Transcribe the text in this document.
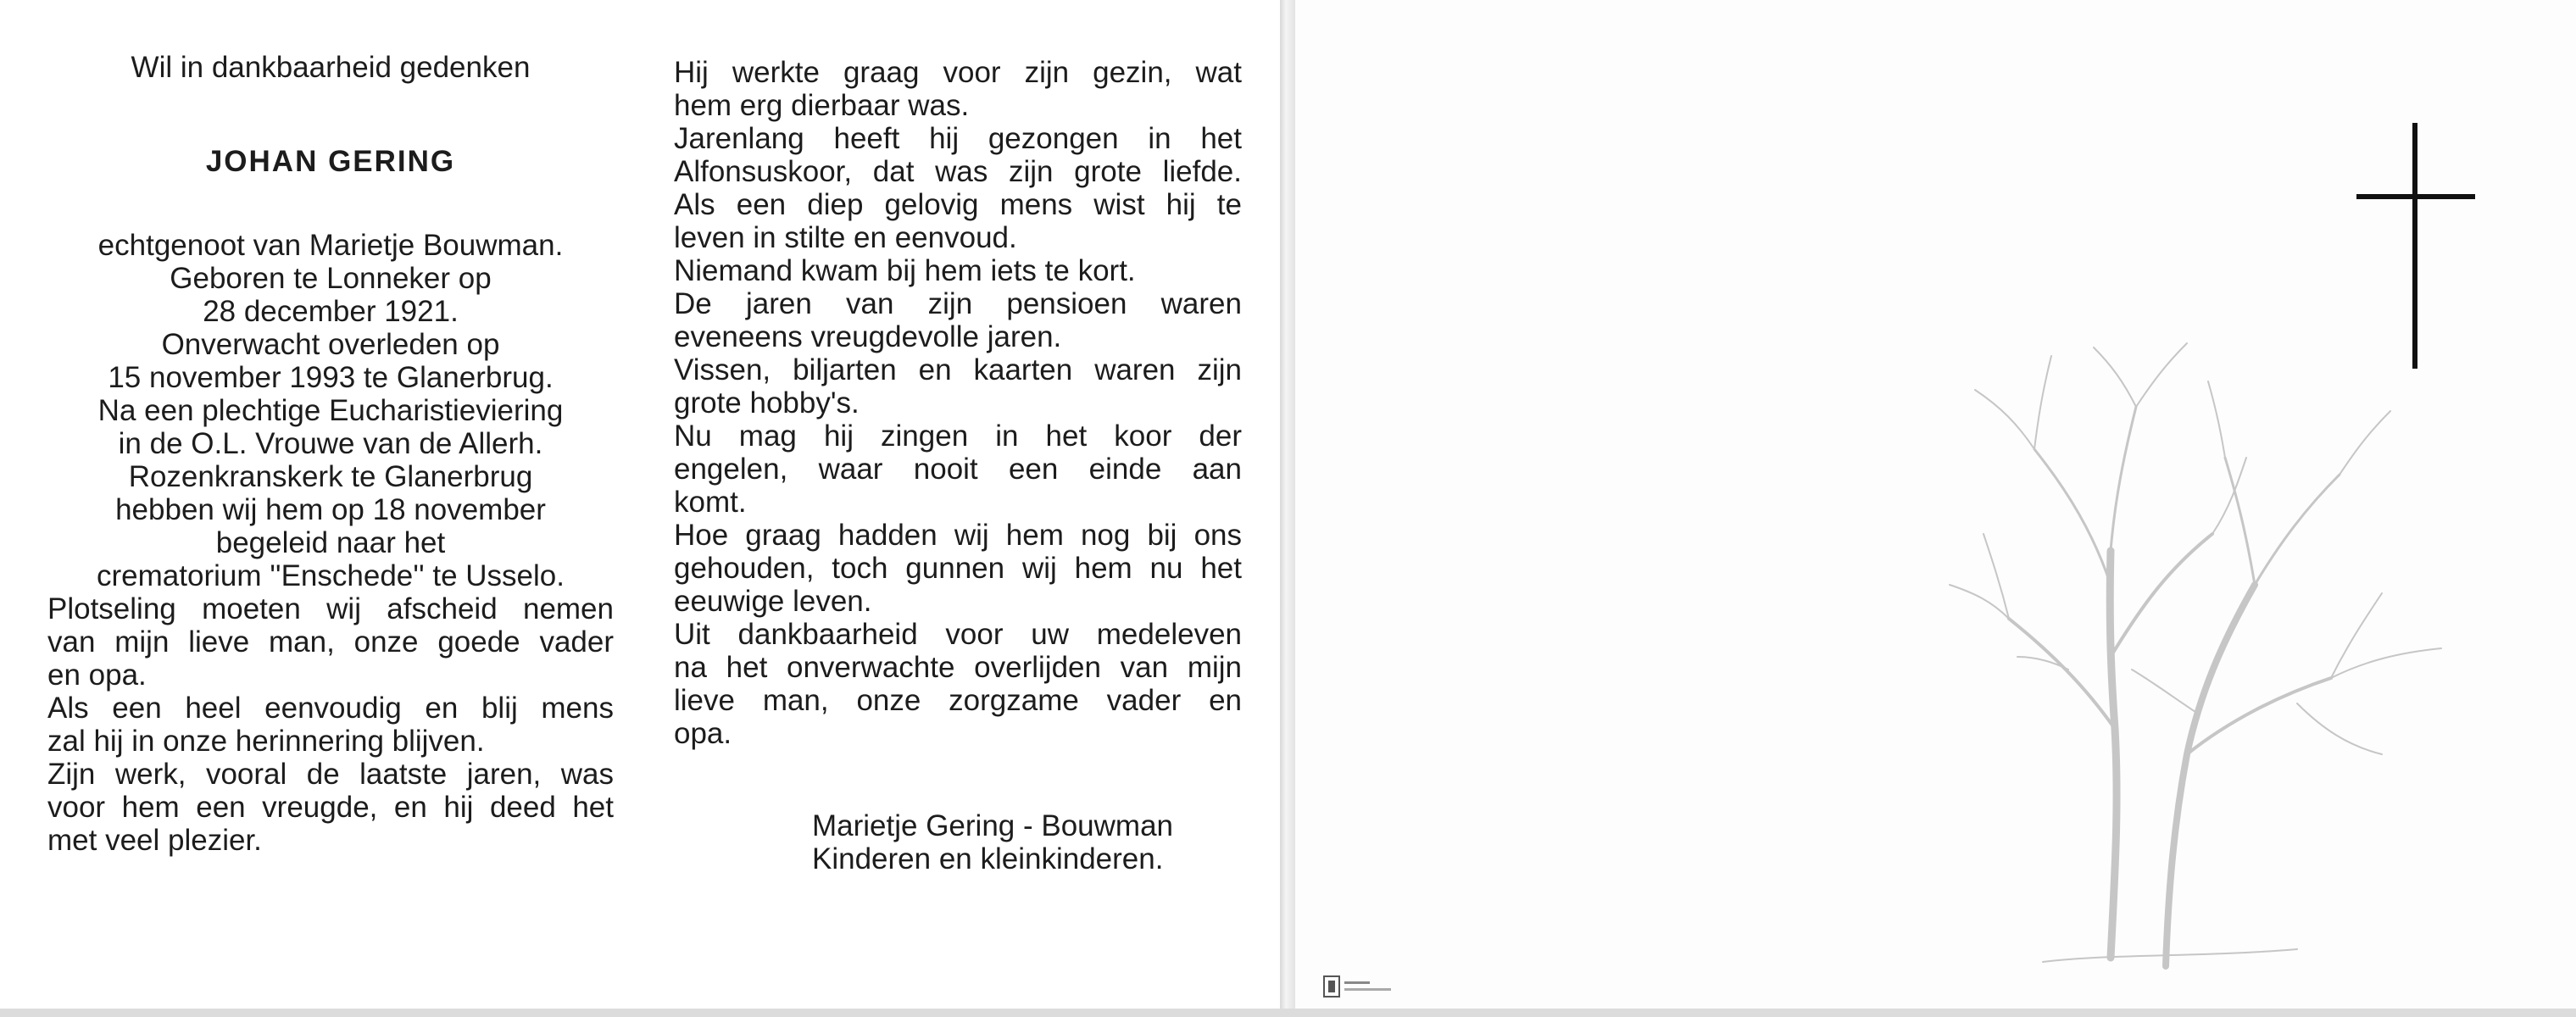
Wil in dankbaarheid gedenken
JOHAN GERING
echtgenoot van Marietje Bouwman.
Geboren te Lonneker op
28 december 1921.
Onverwacht overleden op
15 november 1993 te Glanerbrug.
Na een plechtige Eucharistieviering
in de O.L. Vrouwe van de Allerh.
Rozenkranskerk te Glanerbrug
hebben wij hem op 18 november
begeleid naar het
crematorium ''Enschede'' te Usselo.
Plotseling moeten wij afscheid nemen
van mijn lieve man, onze goede vader
en opa.
Als een heel eenvoudig en blij mens
zal hij in onze herinnering blijven.
Zijn werk, vooral de laatste jaren, was
voor hem een vreugde, en hij deed het
met veel plezier.
Hij werkte graag voor zijn gezin, wat
hem erg dierbaar was.
Jarenlang heeft hij gezongen in het
Alfonsuskoor, dat was zijn grote liefde.
Als een diep gelovig mens wist hij te
leven in stilte en eenvoud.
Niemand kwam bij hem iets te kort.
De jaren van zijn pensioen waren
eveneens vreugdevolle jaren.
Vissen, biljarten en kaarten waren zijn
grote hobby's.
Nu mag hij zingen in het koor der
engelen, waar nooit een einde aan
komt.
Hoe graag hadden wij hem nog bij ons
gehouden, toch gunnen wij hem nu het
eeuwige leven.
Uit dankbaarheid voor uw medeleven
na het onverwachte overlijden van mijn
lieve man, onze zorgzame vader en
opa.
Marietje Gering - Bouwman
Kinderen en kleinkinderen.
